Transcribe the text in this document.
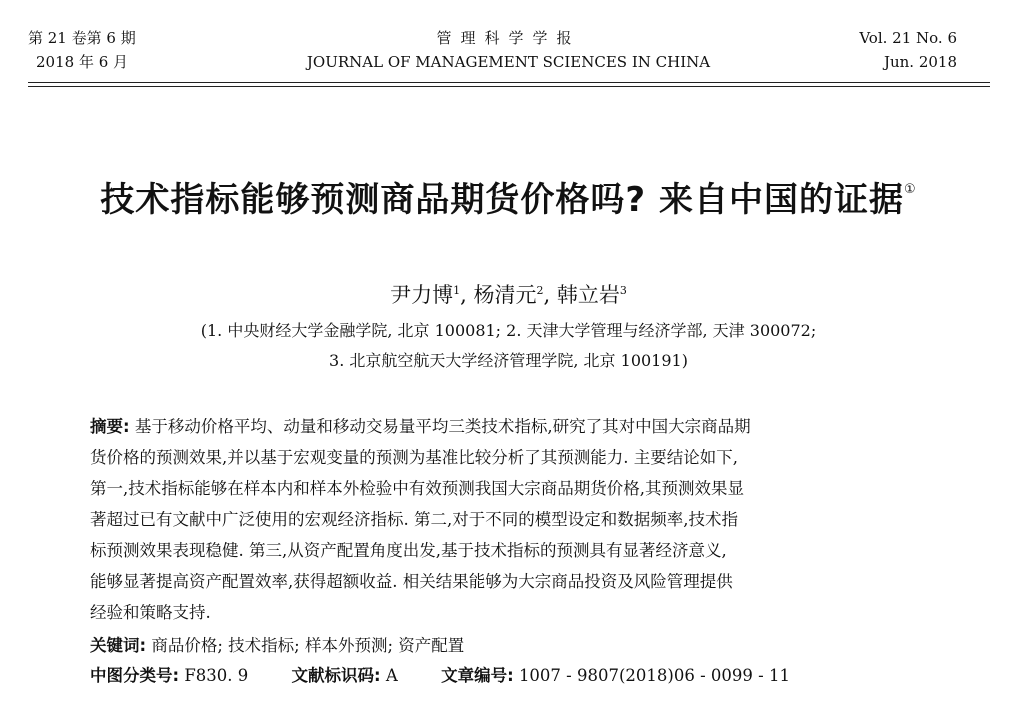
第 21 卷第 6 期
2018 年 6 月
管理科学学报
JOURNAL OF MANAGEMENT SCIENCES IN CHINA
Vol. 21 No. 6
Jun. 2018
技术指标能够预测商品期货价格吗? 来自中国的证据①
尹力博$^1$, 杨清元$^2$, 韩立岩$^3$
(1. 中央财经大学金融学院, 北京 100081; 2. 天津大学管理与经济学部, 天津 300072;
3. 北京航空航天大学经济管理学院, 北京 100191)
摘要: 基于移动价格平均、动量和移动交易量平均三类技术指标,研究了其对中国大宗商品期
货价格的预测效果,并以基于宏观变量的预测为基准比较分析了其预测能力. 主要结论如下,
第一,技术指标能够在样本内和样本外检验中有效预测我国大宗商品期货价格,其预测效果显
著超过已有文献中广泛使用的宏观经济指标. 第二,对于不同的模型设定和数据频率,技术指
标预测效果表现稳健. 第三,从资产配置角度出发,基于技术指标的预测具有显著经济意义,
能够显著提高资产配置效率,获得超额收益. 相关结果能够为大宗商品投资及风险管理提供
经验和策略支持.
关键词: 商品价格; 技术指标; 样本外预测; 资产配置
中图分类号: F830. 9	文献标识码: A	文章编号: 1007 - 9807(2018)06 - 0099 - 11
